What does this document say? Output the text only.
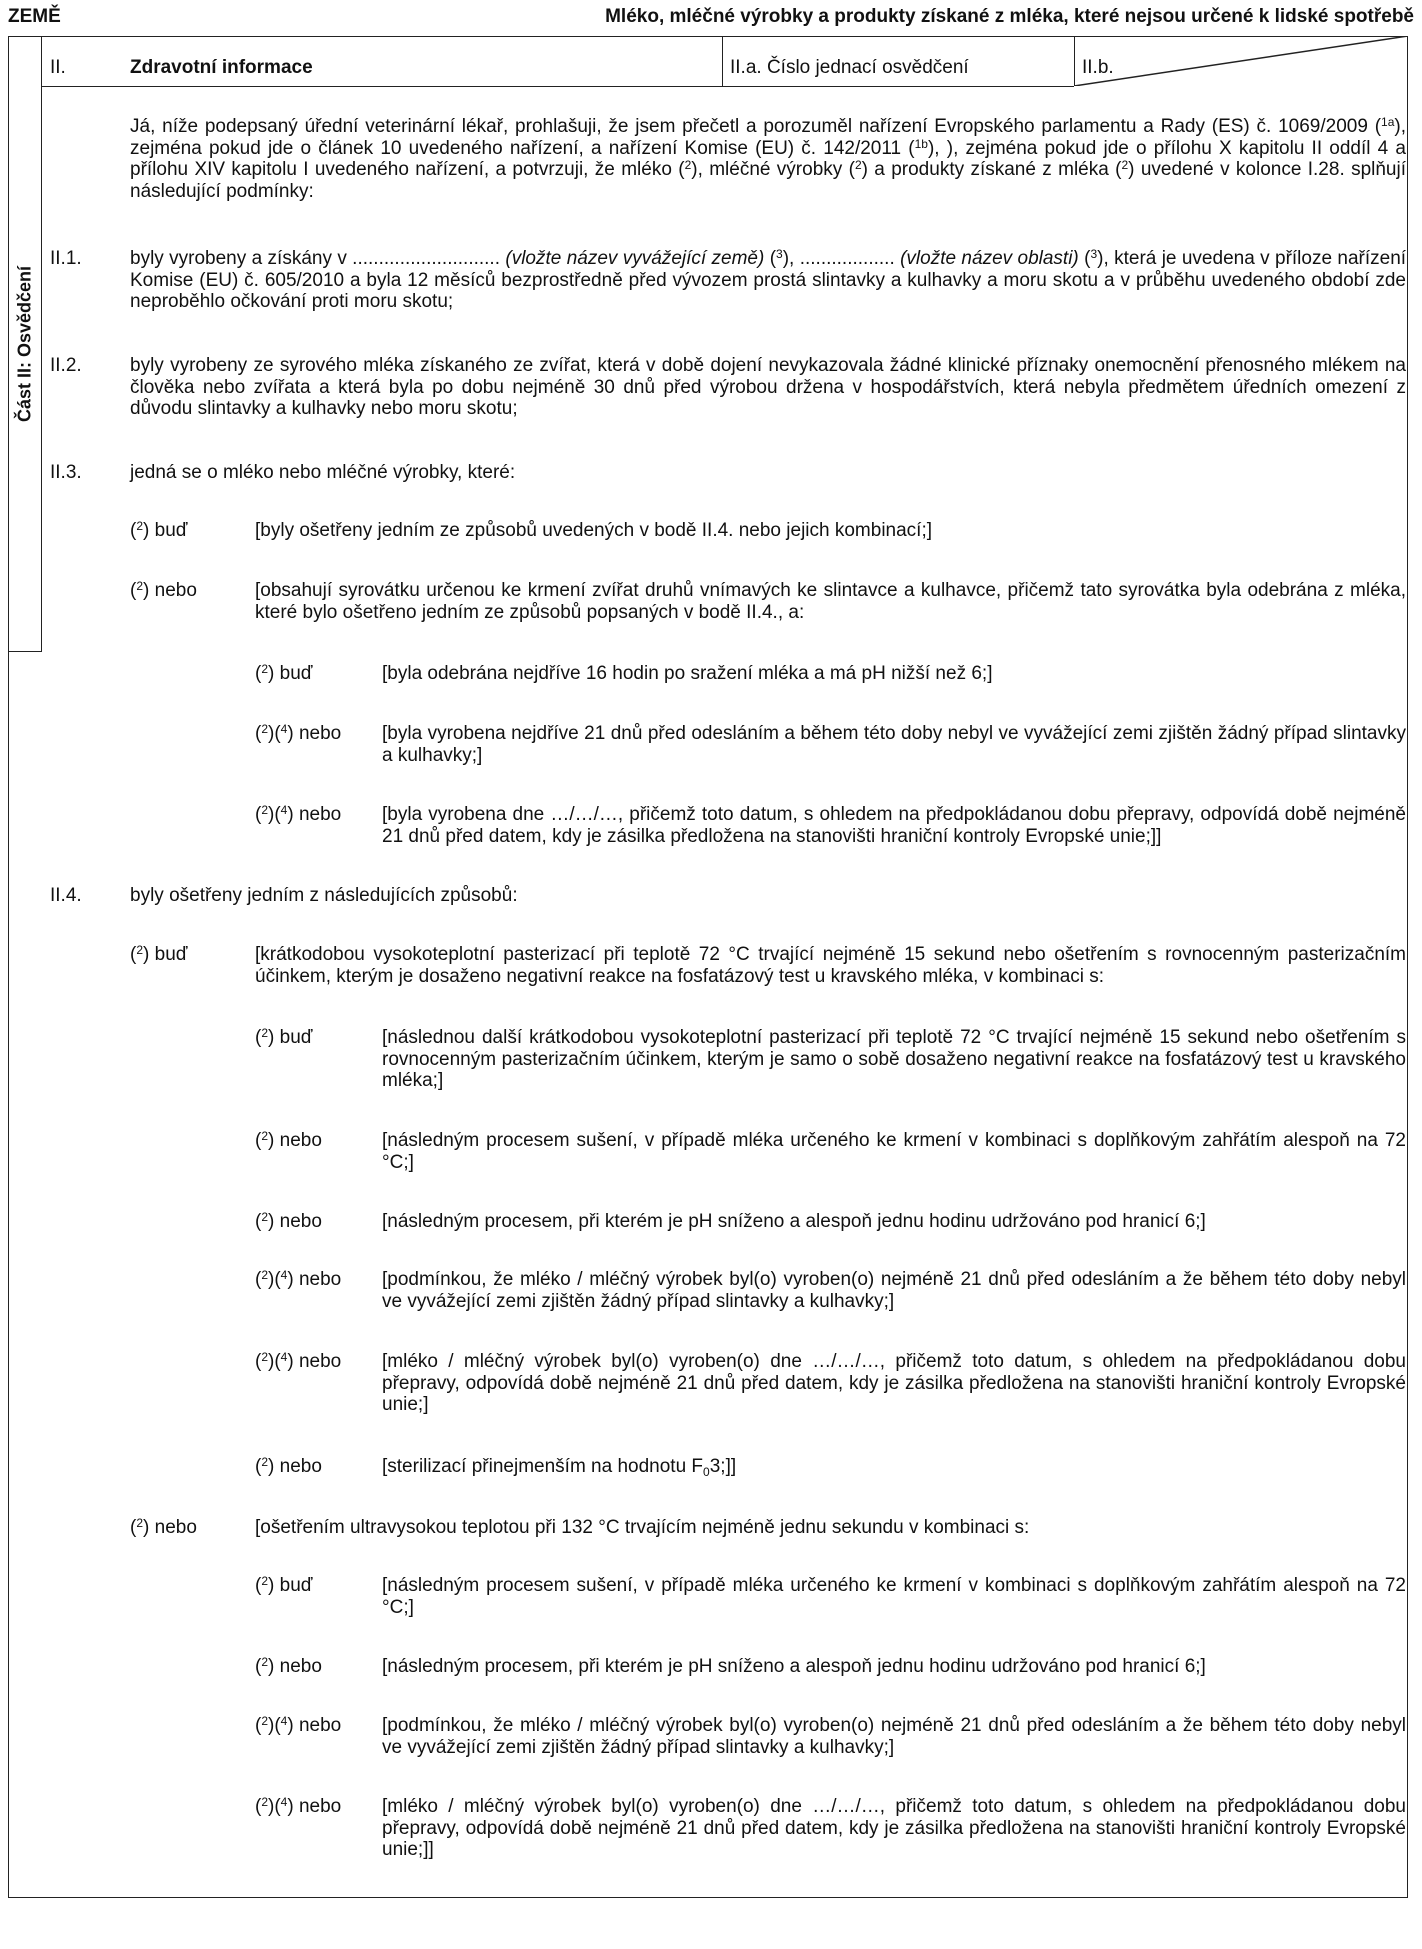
ZEMĚ	Mléko, mléčné výrobky a produkty získané z mléka, které nejsou určené k lidské spotřebě
Část II: Osvědčení
II.	Zdravotní informace	II.a. Číslo jednací osvědčení	II.b.
Já, níže podepsaný úřední veterinární lékař, prohlašuji, že jsem přečetl a porozuměl nařízení Evropského parlamentu a Rady (ES) č. 1069/2009 ($^{1a}$), zejména pokud jde o článek 10 uvedeného nařízení, a nařízení Komise (EU) č. 142/2011 ($^{1b}$), ), zejména pokud jde o přílohu X kapitolu II oddíl 4 a přílohu XIV kapitolu I uvedeného nařízení, a potvrzuji, že mléko ($^2$), mléčné výrobky ($^2$) a produkty získané z mléka ($^2$) uvedené v kolonce I.28. splňují následující podmínky:
II.1.	byly vyrobeny a získány v ............................ (vložte název vyvážející země) ($^3$), .................. (vložte název oblasti) ($^3$), která je uvedena v příloze nařízení Komise (EU) č. 605/2010 a byla 12 měsíců bezprostředně před vývozem prostá slintavky a kulhavky a moru skotu a v průběhu uvedeného období zde neproběhlo očkování proti moru skotu;
II.2.	byly vyrobeny ze syrového mléka získaného ze zvířat, která v době dojení nevykazovala žádné klinické příznaky onemocnění přenosného mlékem na člověka nebo zvířata a která byla po dobu nejméně 30 dnů před výrobou držena v hospodářstvích, která nebyla předmětem úředních omezení z důvodu slintavky a kulhavky nebo moru skotu;
II.3.	jedná se o mléko nebo mléčné výrobky, které:
($^2$) buď	[byly ošetřeny jedním ze způsobů uvedených v bodě II.4. nebo jejich kombinací;]
($^2$) nebo	[obsahují syrovátku určenou ke krmení zvířat druhů vnímavých ke slintavce a kulhavce, přičemž tato syrovátka byla odebrána z mléka, které bylo ošetřeno jedním ze způsobů popsaných v bodě II.4., a:
($^2$) buď	[byla odebrána nejdříve 16 hodin po sražení mléka a má pH nižší než 6;]
($^2$)($^4$) nebo [byla vyrobena nejdříve 21 dnů před odesláním a během této doby nebyl ve vyvážející zemi zjištěn žádný případ slintavky a kulhavky;]
($^2$)($^4$) nebo [byla vyrobena dne …/…/…, přičemž toto datum, s ohledem na předpokládanou dobu přepravy, odpovídá době nejméně 21 dnů před datem, kdy je zásilka předložena na stanovišti hraniční kontroly Evropské unie;]]
II.4.	byly ošetřeny jedním z následujících způsobů:
($^2$) buď	[krátkodobou vysokoteplotní pasterizací při teplotě 72 °C trvající nejméně 15 sekund nebo ošetřením s rovnocenným pasterizačním účinkem, kterým je dosaženo negativní reakce na fosfatázový test u kravského mléka, v kombinaci s:
($^2$) buď	[následnou další krátkodobou vysokoteplotní pasterizací při teplotě 72 °C trvající nejméně 15 sekund nebo ošetřením s rovnocenným pasterizačním účinkem, kterým je samo o sobě dosaženo negativní reakce na fosfatázový test u kravského mléka;]
($^2$) nebo	[následným procesem sušení, v případě mléka určeného ke krmení v kombinaci s doplňkovým zahřátím alespoň na 72 °C;]
($^2$) nebo	[následným procesem, při kterém je pH sníženo a alespoň jednu hodinu udržováno pod hranicí 6;]
($^2$)($^4$) nebo [podmínkou, že mléko / mléčný výrobek byl(o) vyroben(o) nejméně 21 dnů před odesláním a že během této doby nebyl ve vyvážející zemi zjištěn žádný případ slintavky a kulhavky;]
($^2$)($^4$) nebo [mléko / mléčný výrobek byl(o) vyroben(o) dne …/…/…, přičemž toto datum, s ohledem na předpokládanou dobu přepravy, odpovídá době nejméně 21 dnů před datem, kdy je zásilka předložena na stanovišti hraniční kontroly Evropské unie;]
($^2$) nebo	[sterilizací přinejmenším na hodnotu $F_03$;]]
($^2$) nebo	[ošetřením ultravysokou teplotou při 132 °C trvajícím nejméně jednu sekundu v kombinaci s:
($^2$) buď	[následným procesem sušení, v případě mléka určeného ke krmení v kombinaci s doplňkovým zahřátím alespoň na 72 °C;]
($^2$) nebo	[následným procesem, při kterém je pH sníženo a alespoň jednu hodinu udržováno pod hranicí 6;]
($^2$)($^4$) nebo [podmínkou, že mléko / mléčný výrobek byl(o) vyroben(o) nejméně 21 dnů před odesláním a že během této doby nebyl ve vyvážející zemi zjištěn žádný případ slintavky a kulhavky;]
($^2$)($^4$) nebo [mléko / mléčný výrobek byl(o) vyroben(o) dne …/…/…, přičemž toto datum, s ohledem na předpokládanou dobu přepravy, odpovídá době nejméně 21 dnů před datem, kdy je zásilka předložena na stanovišti hraniční kontroly Evropské unie;]]
